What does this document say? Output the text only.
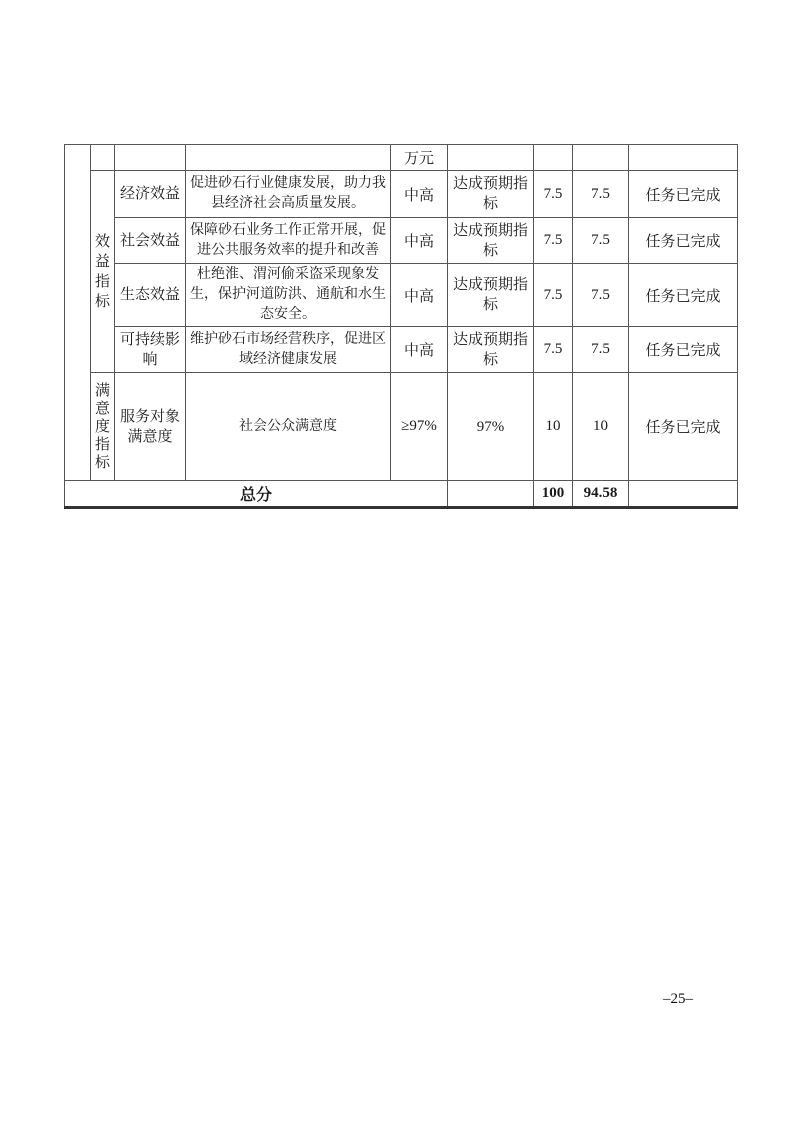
				万元				

	效益指标	经济效益	促进砂石行业健康发展，助力我县经济社会高质量发展。	中高	达成预期指标	7.5	7.5	任务已完成
		社会效益	保障砂石业务工作正常开展，促进公共服务效率的提升和改善	中高	达成预期指标	7.5	7.5	任务已完成
		生态效益	杜绝淮、渭河偷采盗采现象发生，保护河道防洪、通航和水生态安全。	中高	达成预期指标	7.5	7.5	任务已完成
		可持续影响	维护砂石市场经营秩序，促进区域经济健康发展	中高	达成预期指标	7.5	7.5	任务已完成

	满意度指标	服务对象满意度	社会公众满意度	≥97%	97%	10	10	任务已完成
总分						100	94.58	
–25–
